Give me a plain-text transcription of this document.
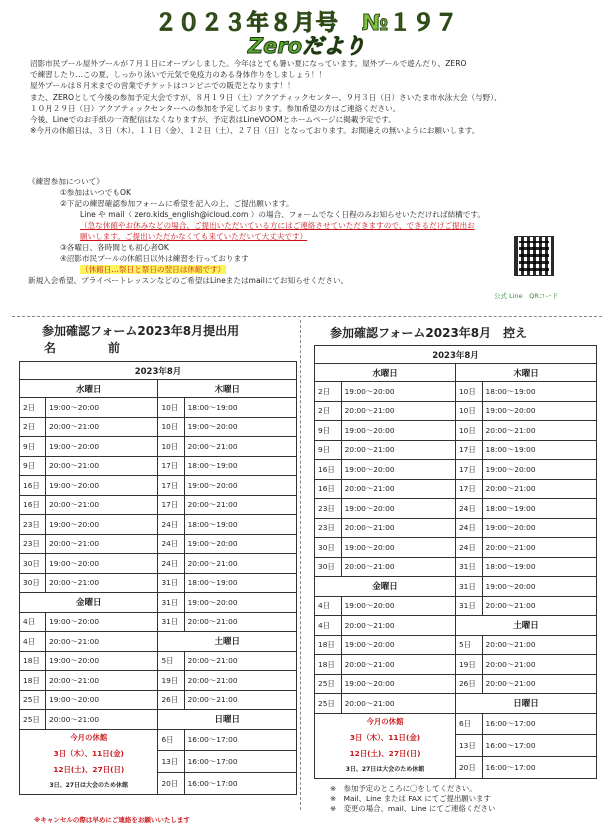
２０２３年８月号　№１９７
Zeroだより

沼影市民プール屋外プールが７月１日にオープンしました。今年はとても暑い夏になっています。屋外プールで遊んだり、ZERO

で練習したり…この夏、しっかり泳いで元気で免疫力のある身体作りをしましょう！！

屋外プールは８月末までの営業でチケットはコンビニでの販売となります！！

また、ZEROとして今後の参加予定大会ですが、８月１９日（土）アクアティックセンター、９月３日（日）さいたま市水泳大会（与野）、

１０月２９日（日）アクアティックセンターへの参加を予定しております。参加希望の方はご連絡ください。

今後、Lineでのお手紙の一斉配信はなくなりますが、予定表はLineVOOMとホームページに掲載予定です。

※今月の休館日は、３日（木）、１１日（金）、１２日（土）、２７日（日）となっております。お間違えの無いようにお願いします。

《練習参加について》

①参加はいつでもOK

②下記の練習確認参加フォームに希望を記入の上、ご提出願います。

Line や mail（ zero.kids_english@icloud.com ）の場合、フォームでなく日程のみお知らせいただければ結構です。

（急な休館やお休みなどの場合、ご提出いただいている方にはご連絡させていただきますので、できるだけご提出お

願いします。ご提出いただかなくても来ていただいて大丈夫です）

③各曜日、各時間とも初心者OK

④沼影市民プールの休館日以外は練習を行っております

（休館日…祭日と祭日の翌日は休館です）

新規入会希望、プライベートレッスンなどのご希望はLineまたはmailにてお知らせください。

公式 Line　QRコード
参加確認フォーム2023年8月提出用
名　前
参加確認フォーム2023年8月　控え
2023年8月			
水曜日		木曜日	
2日	19:00～20:00	10日	18:00～19:00
2日	20:00～21:00	10日	19:00～20:00
9日	19:00～20:00	10日	20:00～21:00
9日	20:00～21:00	17日	18:00～19:00
16日	19:00～20:00	17日	19:00～20:00
16日	20:00～21:00	17日	20:00～21:00
23日	19:00～20:00	24日	18:00～19:00
23日	20:00～21:00	24日	19:00～20:00
30日	19:00～20:00	24日	20:00～21:00
30日	20:00～21:00	31日	18:00～19:00
金曜日		31日	19:00～20:00
4日	19:00～20:00	31日	20:00～21:00
4日	20:00～21:00	土曜日	
18日	19:00～20:00	5日	20:00～21:00
18日	20:00～21:00	19日	20:00～21:00
25日	19:00～20:00	26日	20:00～21:00
25日	20:00～21:00	日曜日	

今月の休館
3日（木）、11日(金)
12日(土)、27日(日)
3日、27日は大会のため休館		6日	16:00～17:00
		13日	16:00～17:00
		20日	16:00～17:00
2023年8月			
水曜日		木曜日	
2日	19:00～20:00	10日	18:00～19:00
2日	20:00～21:00	10日	19:00～20:00
9日	19:00～20:00	10日	20:00～21:00
9日	20:00～21:00	17日	18:00～19:00
16日	19:00～20:00	17日	19:00～20:00
16日	20:00～21:00	17日	20:00～21:00
23日	19:00～20:00	24日	18:00～19:00
23日	20:00～21:00	24日	19:00～20:00
30日	19:00～20:00	24日	20:00～21:00
30日	20:00～21:00	31日	18:00～19:00
金曜日		31日	19:00～20:00
4日	19:00～20:00	31日	20:00～21:00
4日	20:00～21:00	土曜日	
18日	19:00～20:00	5日	20:00～21:00
18日	20:00～21:00	19日	20:00～21:00
25日	19:00～20:00	26日	20:00～21:00
25日	20:00～21:00	日曜日	

今月の休館
3日（木）、11日(金)
12日(土)、27日(日)
3日、27日は大会のため休館		6日	16:00～17:00
		13日	16:00～17:00
		20日	16:00～17:00
※キャンセルの際は早めにご連絡をお願いいたします

※　参加予定のところに〇をしてください。

※　Mail、Line または FAX にてご提出願います

※　変更の場合、mail、Line にてご連絡ください
